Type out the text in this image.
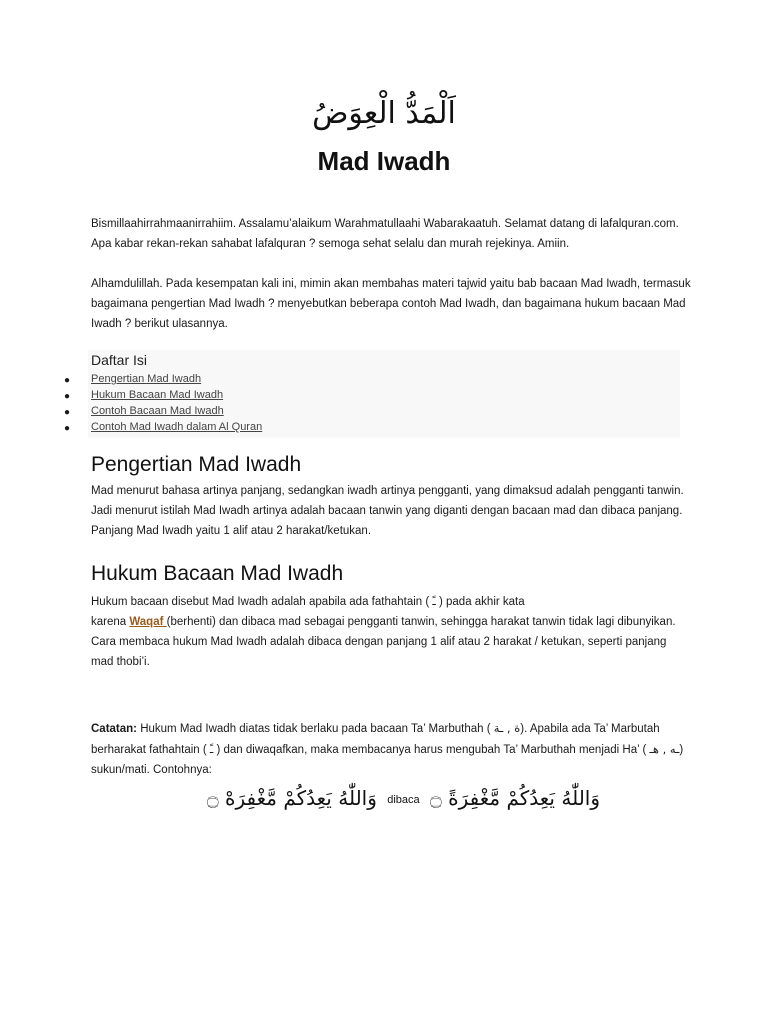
اَلْمَدُّ الْعِوَضُ
Mad Iwadh

Bismillaahirrahmaanirrahiim. Assalamu’alaikum Warahmatullaahi Wabarakaatuh. Selamat datang di lafalquran.com. Apa kabar rekan-rekan sahabat lafalquran ? semoga sehat selalu dan murah rejekinya. Amiin.

Alhamdulillah. Pada kesempatan kali ini, mimin akan membahas materi tajwid yaitu bab bacaan Mad Iwadh, termasuk bagaimana pengertian Mad Iwadh ? menyebutkan beberapa contoh Mad Iwadh, dan bagaimana hukum bacaan Mad Iwadh ? berikut ulasannya.

Daftar Isi
● Pengertian Mad Iwadh
● Hukum Bacaan Mad Iwadh
● Contoh Bacaan Mad Iwadh
● Contoh Mad Iwadh dalam Al Quran
Pengertian Mad Iwadh

Mad menurut bahasa artinya panjang, sedangkan iwadh artinya pengganti, yang dimaksud adalah pengganti tanwin. Jadi menurut istilah Mad Iwadh artinya adalah bacaan tanwin yang diganti dengan bacaan mad dan dibaca panjang. Panjang Mad Iwadh yaitu 1 alif atau 2 harakat/ketukan.

Hukum Bacaan Mad Iwadh

Hukum bacaan disebut Mad Iwadh adalah apabila ada fathahtain ( ـً ) pada akhir kata

karena Waqaf (berhenti) dan dibaca mad sebagai pengganti tanwin, sehingga harakat tanwin tidak lagi dibunyikan.

Cara membaca hukum Mad Iwadh adalah dibaca dengan panjang 1 alif atau 2 harakat / ketukan, seperti panjang mad thobi’i.

Catatan: Hukum Mad Iwadh diatas tidak berlaku pada bacaan Ta’ Marbuthah ( ة , ـة). Apabila ada Ta’ Marbutah berharakat fathahtain ( ـً ) dan diwaqafkan, maka membacanya harus mengubah Ta’ Marbuthah menjadi Ha’ ( ـه , هـ) sukun/mati. Contohnya:

وَاللّٰهُ يَعِدُكُمْ مَّغْفِرَةً ۝ dibaca وَاللّٰهُ يَعِدُكُمْ مَّغْفِرَهْ ۝
